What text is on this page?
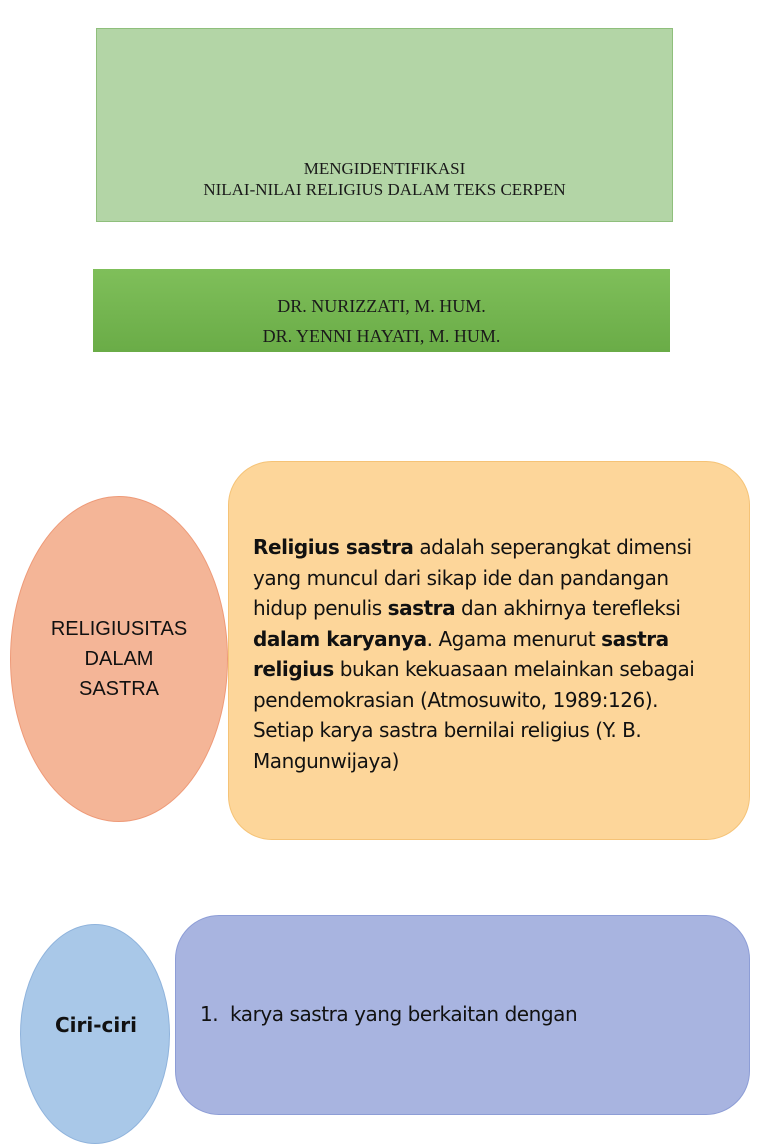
MENGIDENTIFIKASI
NILAI-NILAI RELIGIUS DALAM TEKS CERPEN
DR. NURIZZATI, M. HUM.
DR. YENNI HAYATI, M. HUM.
RELIGIUSITAS
DALAM
SASTRA

Religius sastra adalah seperangkat dimensi yang muncul dari sikap ide dan pandangan hidup penulis sastra dan akhirnya terefleksi dalam karyanya. Agama menurut sastra religius bukan kekuasaan melainkan sebagai pendemokrasian (Atmosuwito, 1989:126). Setiap karya sastra bernilai religius (Y. B. Mangunwijaya)

Ciri-ciri	1. karya sastra yang berkaitan dengan
